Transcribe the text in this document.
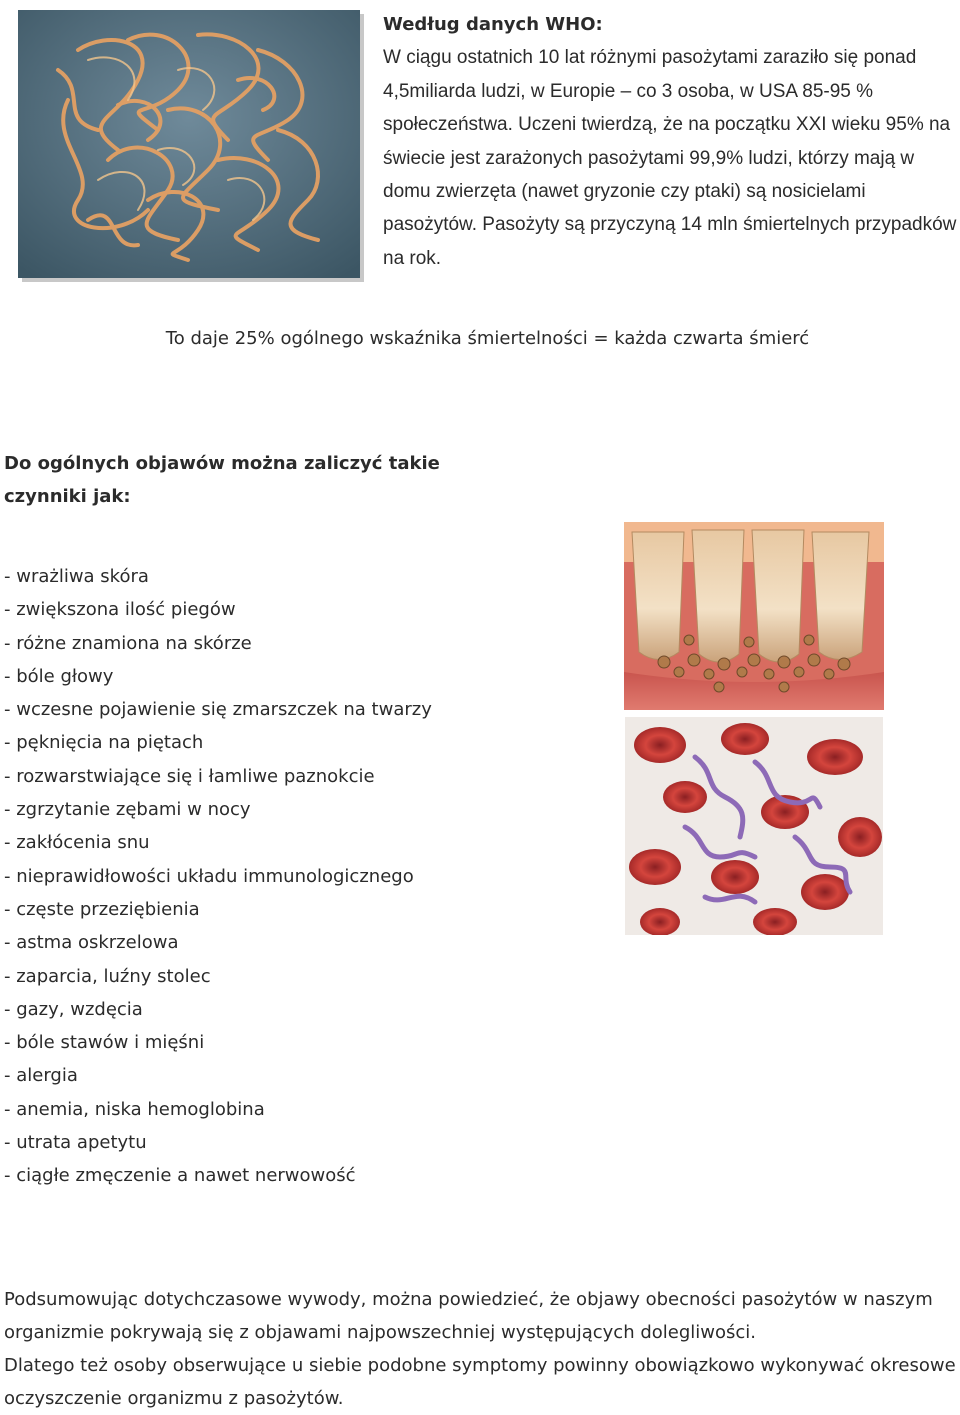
Według danych WHO:
W ciągu ostatnich 10 lat różnymi pasożytami zaraziło się ponad 4,5miliarda ludzi, w Europie – co 3 osoba, w USA 85-95 % społeczeństwa. Uczeni twierdzą, że na początku XXI wieku 95% na świecie jest zarażonych pasożytami 99,9% ludzi, którzy mają w domu zwierzęta (nawet gryzonie czy ptaki) są nosicielami pasożytów. Pasożyty są przyczyną 14 mln śmiertelnych przypadków na rok.
To daje 25% ogólnego wskaźnika śmiertelności = każda czwarta śmierć
Do ogólnych objawów można zaliczyć takie czynniki jak:
- wrażliwa skóra
- zwiększona ilość piegów
- różne znamiona na skórze
- bóle głowy
- wczesne pojawienie się zmarszczek na twarzy
- pęknięcia na piętach
- rozwarstwiające się i łamliwe paznokcie
- zgrzytanie zębami w nocy
- zakłócenia snu
- nieprawidłowości układu immunologicznego
- częste przeziębienia
- astma oskrzelowa
- zaparcia, luźny stolec
- gazy, wzdęcia
- bóle stawów i mięśni
- alergia
- anemia, niska hemoglobina
- utrata apetytu
- ciągłe zmęczenie a nawet nerwowość

Podsumowując dotychczasowe wywody, można powiedzieć, że objawy obecności pasożytów w naszym

organizmie pokrywają się z objawami najpowszechniej występujących dolegliwości.

Dlatego też osoby obserwujące u siebie podobne symptomy powinny obowiązkowo wykonywać okresowe

oczyszczenie organizmu z pasożytów.
